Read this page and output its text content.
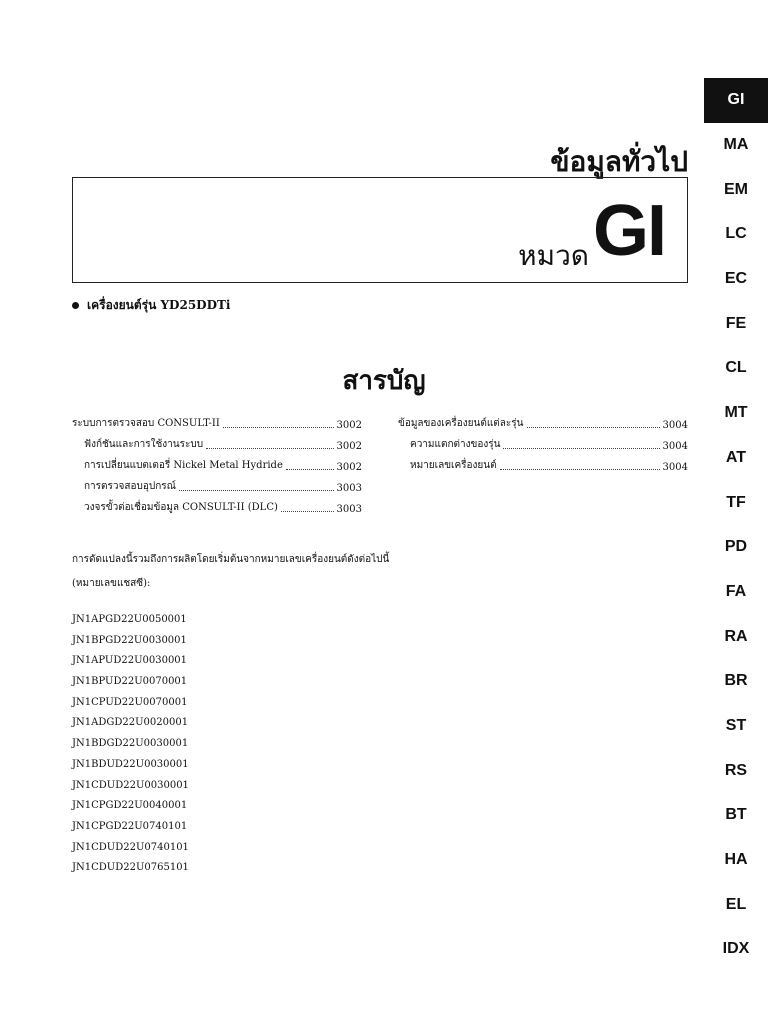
ข้อมูลทั่วไป
หมวด GI
เครื่องยนต์รุ่น YD25DDTi
สารบัญ
ระบบการตรวจสอบ CONSULT-II	3002
ฟังก์ชันและการใช้งานระบบ	3002
การเปลี่ยนแบตเตอรี่ Nickel Metal Hydride	3002
การตรวจสอบอุปกรณ์	3003
วงจรขั้วต่อเชื่อมข้อมูล CONSULT-II (DLC)	3003
ข้อมูลของเครื่องยนต์แต่ละรุ่น	3004
ความแตกต่างของรุ่น	3004
หมายเลขเครื่องยนต์	3004
การดัดแปลงนี้รวมถึงการผลิตโดยเริ่มต้นจากหมายเลขเครื่องยนต์ดังต่อไปนี้
(หมายเลขแชสซี):
JN1APGD22U0050001
JN1BPGD22U0030001
JN1APUD22U0030001
JN1BPUD22U0070001
JN1CPUD22U0070001
JN1ADGD22U0020001
JN1BDGD22U0030001
JN1BDUD22U0030001
JN1CDUD22U0030001
JN1CPGD22U0040001
JN1CPGD22U0740101
JN1CDUD22U0740101
JN1CDUD22U0765101
GI
MA
EM
LC
EC
FE
CL
MT
AT
TF
PD
FA
RA
BR
ST
RS
BT
HA
EL
IDX
